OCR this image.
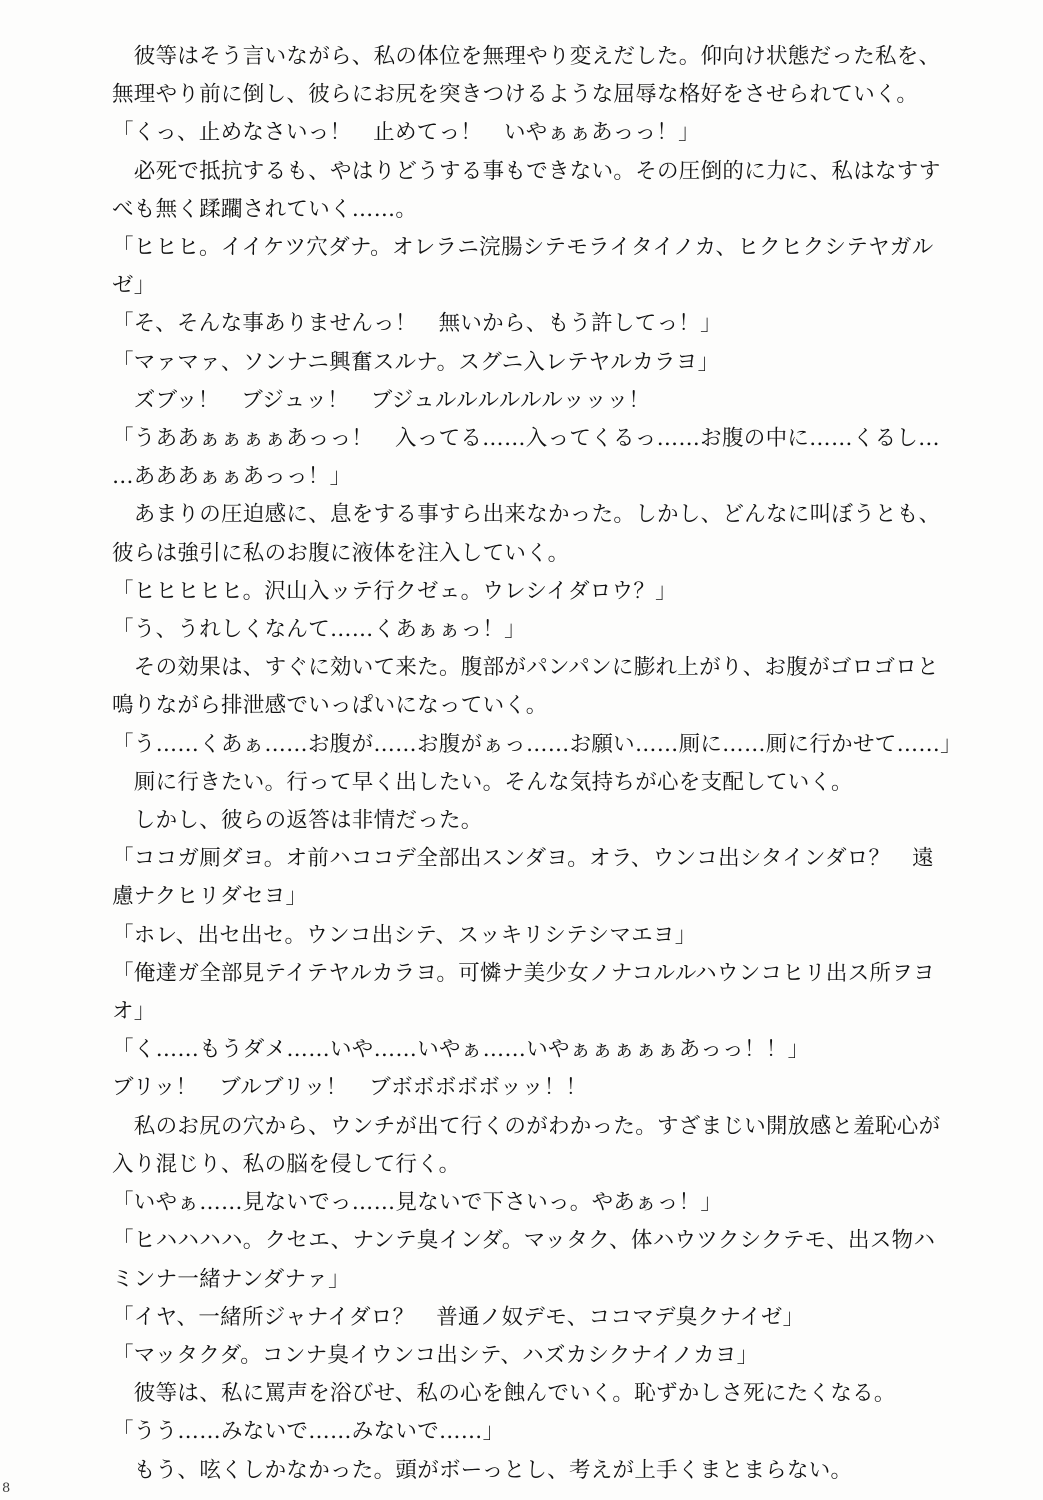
　彼等はそう言いながら、私の体位を無理やり変えだした。仰向け状態だった私を、
無理やり前に倒し、彼らにお尻を突きつけるような屈辱な格好をさせられていく。
「くっ、止めなさいっ！　止めてっ！　いやぁぁあっっ！」
　必死で抵抗するも、やはりどうする事もできない。その圧倒的に力に、私はなすす
べも無く蹂躙されていく……。
「ヒヒヒ。イイケツ穴ダナ。オレラニ浣腸シテモライタイノカ、ヒクヒクシテヤガル
ゼ」
「そ、そんな事ありませんっ！　無いから、もう許してっ！」
「マァマァ、ソンナニ興奮スルナ。スグニ入レテヤルカラヨ」
　ズブッ！　ブジュッ！　ブジュルルルルルルッッッ！
「うああぁぁぁぁあっっ！　入ってる……入ってくるっ……お腹の中に……くるし…
…あああぁぁあっっ！」
　あまりの圧迫感に、息をする事すら出来なかった。しかし、どんなに叫ぼうとも、
彼らは強引に私のお腹に液体を注入していく。
「ヒヒヒヒヒ。沢山入ッテ行クゼェ。ウレシイダロウ？」
「う、うれしくなんて……くあぁぁっ！」
　その効果は、すぐに効いて来た。腹部がパンパンに膨れ上がり、お腹がゴロゴロと
鳴りながら排泄感でいっぱいになっていく。
「う……くあぁ……お腹が……お腹がぁっ……お願い……厠に……厠に行かせて……」
　厠に行きたい。行って早く出したい。そんな気持ちが心を支配していく。
　しかし、彼らの返答は非情だった。
「ココガ厠ダヨ。オ前ハココデ全部出スンダヨ。オラ、ウンコ出シタインダロ？　遠
慮ナクヒリダセヨ」
「ホレ、出セ出セ。ウンコ出シテ、スッキリシテシマエヨ」
「俺達ガ全部見テイテヤルカラヨ。可憐ナ美少女ノナコルルハウンコヒリ出ス所ヲヨ
オ」
「く……もうダメ……いや……いやぁ……いやぁぁぁぁぁあっっ！！」
ブリッ！　ブルブリッ！　ブボボボボボッッ！！
　私のお尻の穴から、ウンチが出て行くのがわかった。すざまじい開放感と羞恥心が
入り混じり、私の脳を侵して行く。
「いやぁ……見ないでっ……見ないで下さいっ。やあぁっ！」
「ヒハハハハ。クセエ、ナンテ臭インダ。マッタク、体ハウツクシクテモ、出ス物ハ
ミンナ一緒ナンダナァ」
「イヤ、一緒所ジャナイダロ？　普通ノ奴デモ、ココマデ臭クナイゼ」
「マッタクダ。コンナ臭イウンコ出シテ、ハズカシクナイノカヨ」
　彼等は、私に罵声を浴びせ、私の心を蝕んでいく。恥ずかしさ死にたくなる。
「うう……みないで……みないで……」
　もう、呟くしかなかった。頭がボーっとし、考えが上手くまとまらない。
8
